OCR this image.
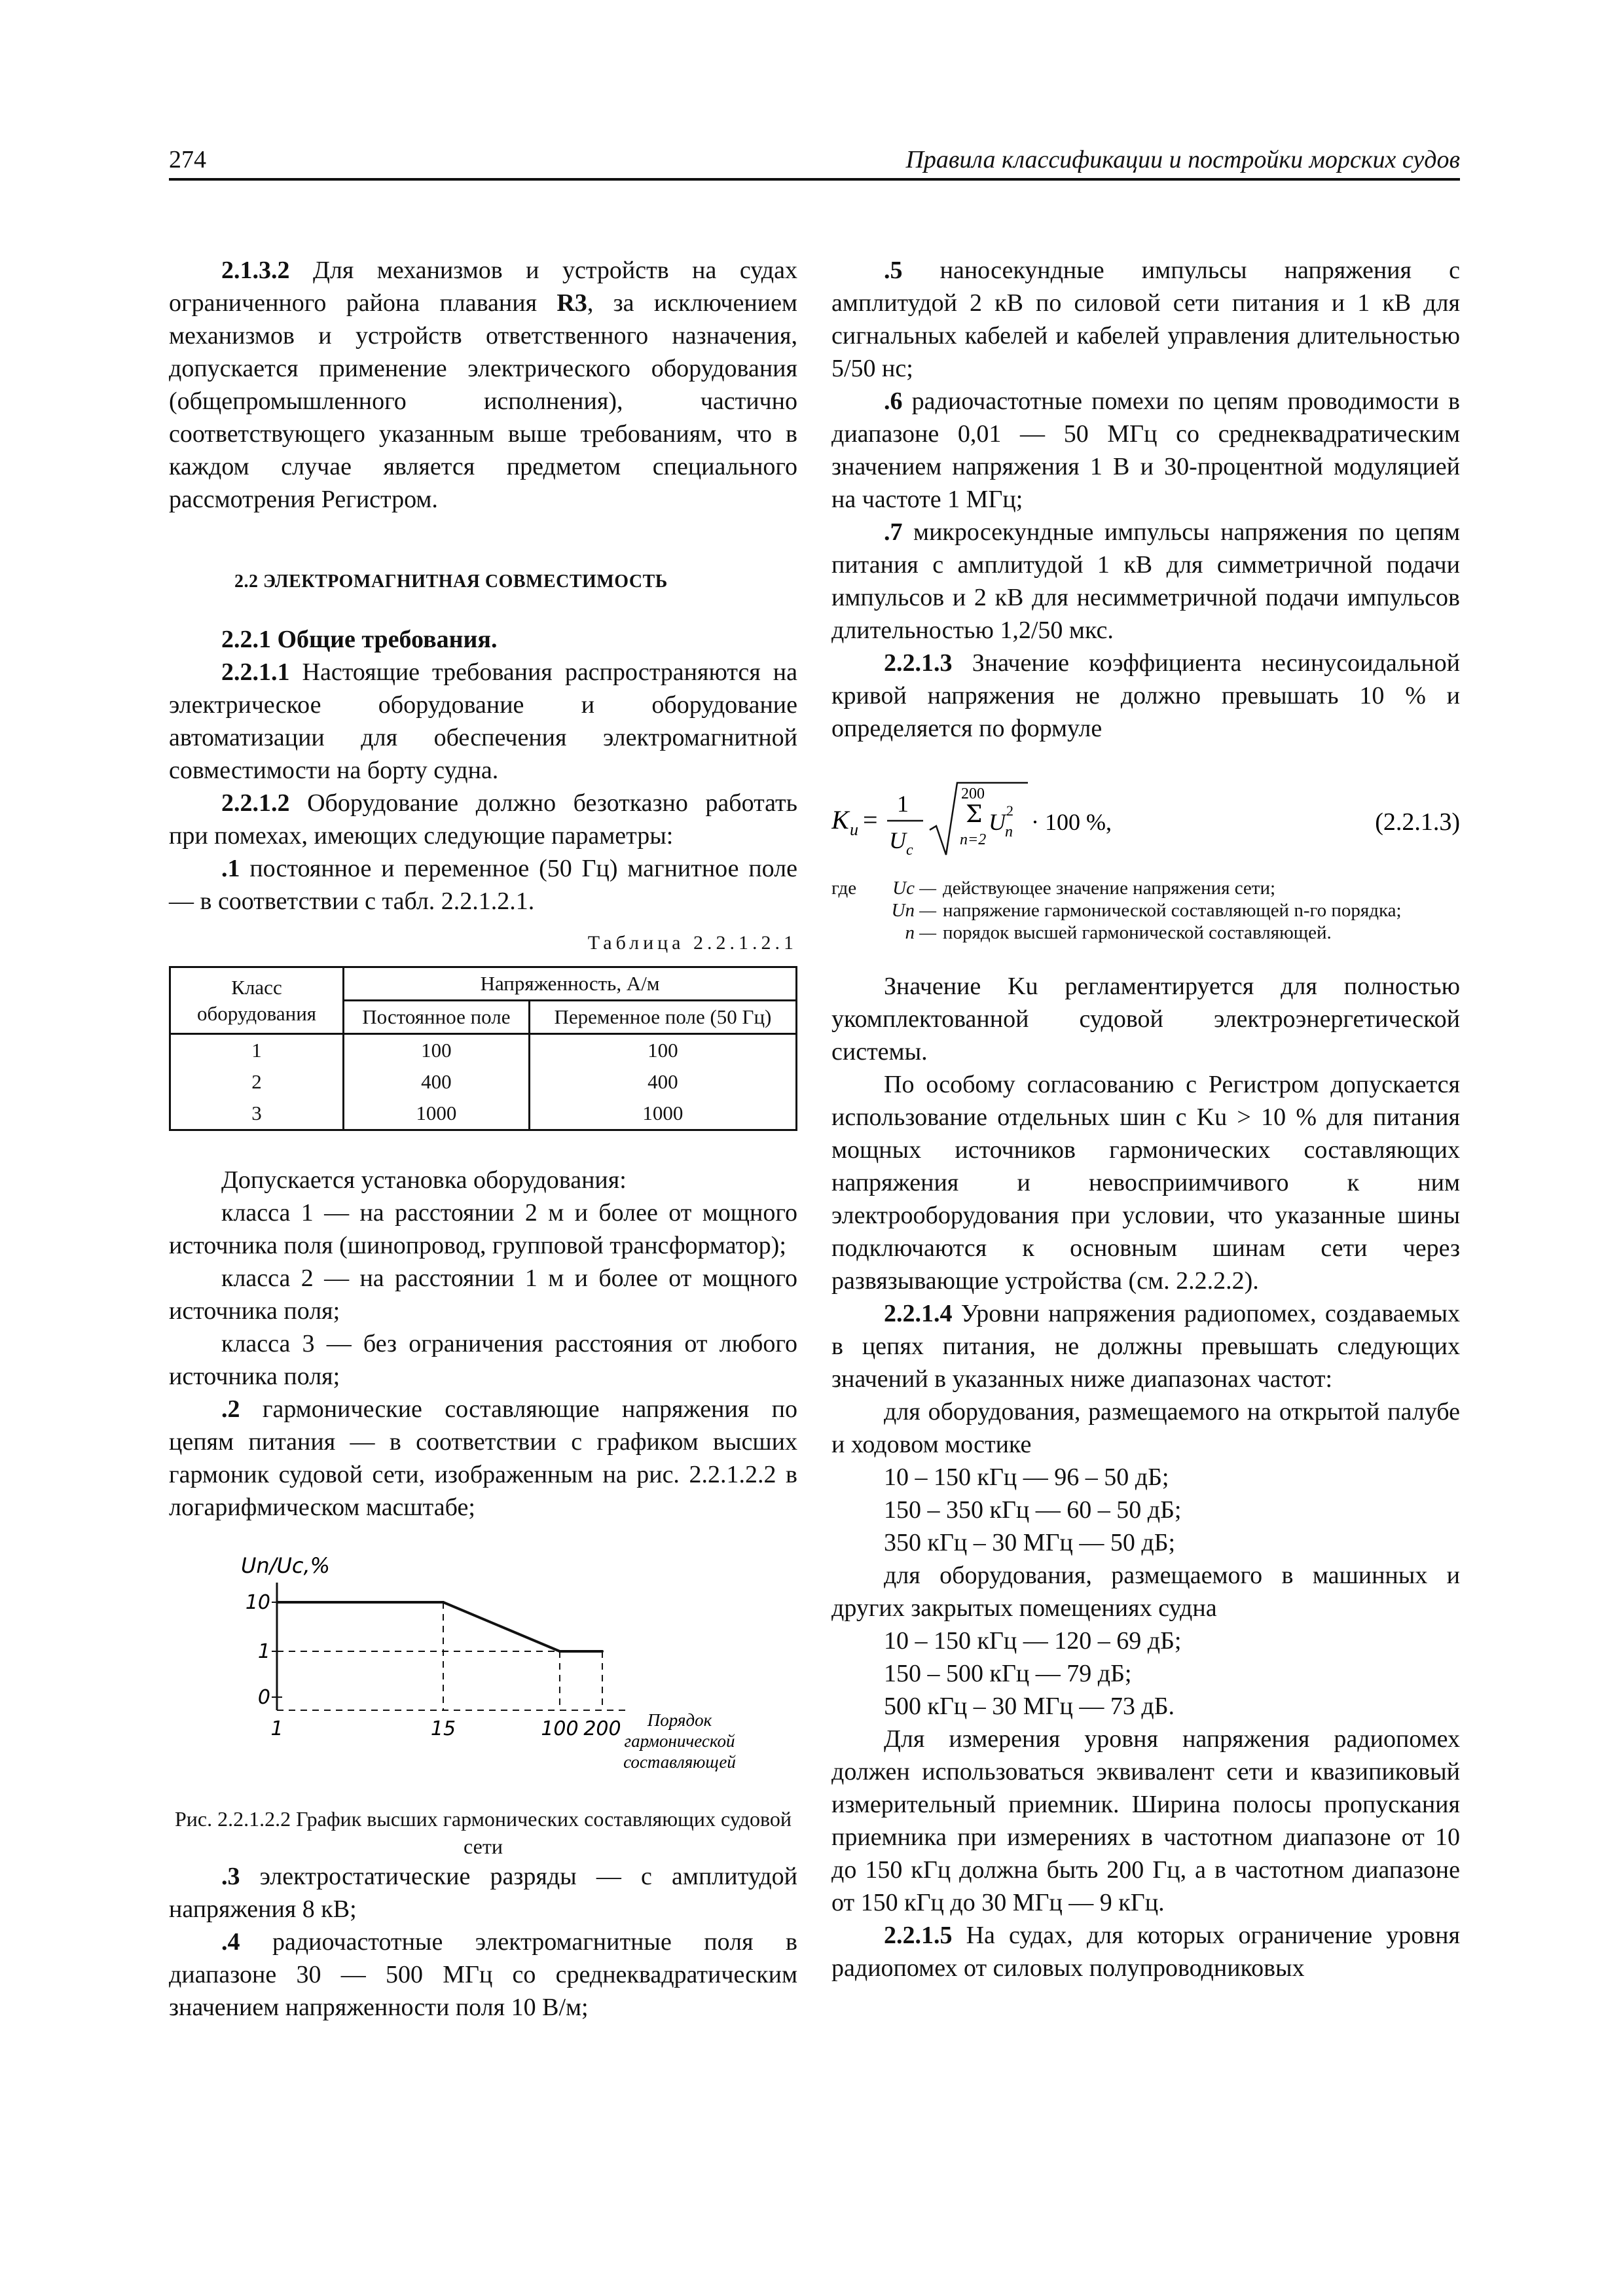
274	Правила классификации и постройки морских судов

2.1.3.2 Для механизмов и устройств на судах ограниченного района плавания R3, за исключением механизмов и устройств ответственного назначения, допускается применение электрического оборудования (общепромышленного исполнения), частично соответствующего указанным выше требованиям, что в каждом случае является предметом специального рассмотрения Регистром.

2.2 ЭЛЕКТРОМАГНИТНАЯ СОВМЕСТИМОСТЬ

2.2.1 Общие требования.

2.2.1.1 Настоящие требования распространяются на электрическое оборудование и оборудование автоматизации для обеспечения электромагнитной совместимости на борту судна.

2.2.1.2 Оборудование должно безотказно работать при помехах, имеющих следующие параметры:

.1 постоянное и переменное (50 Гц) магнитное поле — в соответствии с табл. 2.2.1.2.1.

Таблица 2.2.1.2.1
Класс оборудования	Напряженность, А/м	
	Постоянное поле	Переменное поле (50 Гц)
1	100	100
2	400	400
3	1000	1000

Допускается установка оборудования:

класса 1 — на расстоянии 2 м и более от мощного источника поля (шинопровод, групповой трансформатор);

класса 2 — на расстоянии 1 м и более от мощного источника поля;

класса 3 — без ограничения расстояния от любого источника поля;

.2 гармонические составляющие напряжения по цепям питания — в соответствии с графиком высших гармоник судовой сети, изображенным на рис. 2.2.1.2.2 в логарифмическом масштабе;

Un/Uc,%
10
1
0
1	15	100 200	Порядок гармонической составляющей

Рис. 2.2.1.2.2 График высших гармонических составляющих судовой сети

.3 электростатические разряды — с амплитудой напряжения 8 кВ;

.4 радиочастотные электромагнитные поля в диапазоне 30 — 500 МГц со среднеквадратическим значением напряженности поля 10 В/м;

.5 наносекундные импульсы напряжения с амплитудой 2 кВ по силовой сети питания и 1 кВ для сигнальных кабелей и кабелей управления длительностью 5/50 нс;

.6 радиочастотные помехи по цепям проводимости в диапазоне 0,01 — 50 МГц со среднеквадратическим значением напряжения 1 В и 30-процентной модуляцией на частоте 1 МГц;

.7 микросекундные импульсы напряжения по цепям питания с амплитудой 1 кВ для симметричной подачи импульсов и 2 кВ для несимметричной подачи импульсов длительностью 1,2/50 мкс.

2.2.1.3 Значение коэффициента несинусоидальной кривой напряжения не должно превышать 10 % и определяется по формуле

K u =
1
U c
200
Σ
n=2
U 2
n · 100 %,	(2.2.1.3)
где	Uc — действующее значение напряжения сети;
Un — напряжение гармонической составляющей n-го порядка;
n — порядок высшей гармонической составляющей.

Значение Ku регламентируется для полностью укомплектованной судовой электроэнергетической системы.

По особому согласованию с Регистром допускается использование отдельных шин с Ku > 10 % для питания мощных источников гармонических составляющих напряжения и невосприимчивого к ним электрооборудования при условии, что указанные шины подключаются к основным шинам сети через развязывающие устройства (см. 2.2.2.2).

2.2.1.4 Уровни напряжения радиопомех, создаваемых в цепях питания, не должны превышать следующих значений в указанных ниже диапазонах частот:

для оборудования, размещаемого на открытой палубе и ходовом мостике

10 – 150 кГц — 96 – 50 дБ;
150 – 350 кГц — 60 – 50 дБ;
350 кГц – 30 МГц — 50 дБ;

для оборудования, размещаемого в машинных и других закрытых помещениях судна

10 – 150 кГц — 120 – 69 дБ;
150 – 500 кГц — 79 дБ;
500 кГц – 30 МГц — 73 дБ.

Для измерения уровня напряжения радиопомех должен использоваться эквивалент сети и квазипиковый измерительный приемник. Ширина полосы пропускания приемника при измерениях в частотном диапазоне от 10 до 150 кГц должна быть 200 Гц, а в частотном диапазоне от 150 кГц до 30 МГц — 9 кГц.

2.2.1.5 На судах, для которых ограничение уровня радиопомех от силовых полупроводниковых
